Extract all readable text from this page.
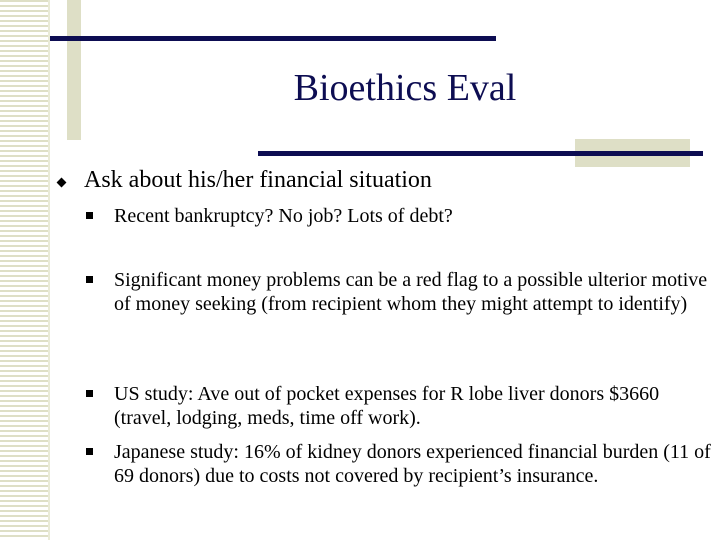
Bioethics Eval
Ask about his/her financial situation
Recent bankruptcy? No job? Lots of debt?
Significant money problems can be a red flag to a possible ulterior motive of money seeking (from recipient whom they might attempt to identify)
US study: Ave out of pocket expenses for R lobe liver donors $3660 (travel, lodging, meds, time off work).
Japanese study: 16% of kidney donors experienced financial burden (11 of 69 donors) due to costs not covered by recipient’s insurance.
